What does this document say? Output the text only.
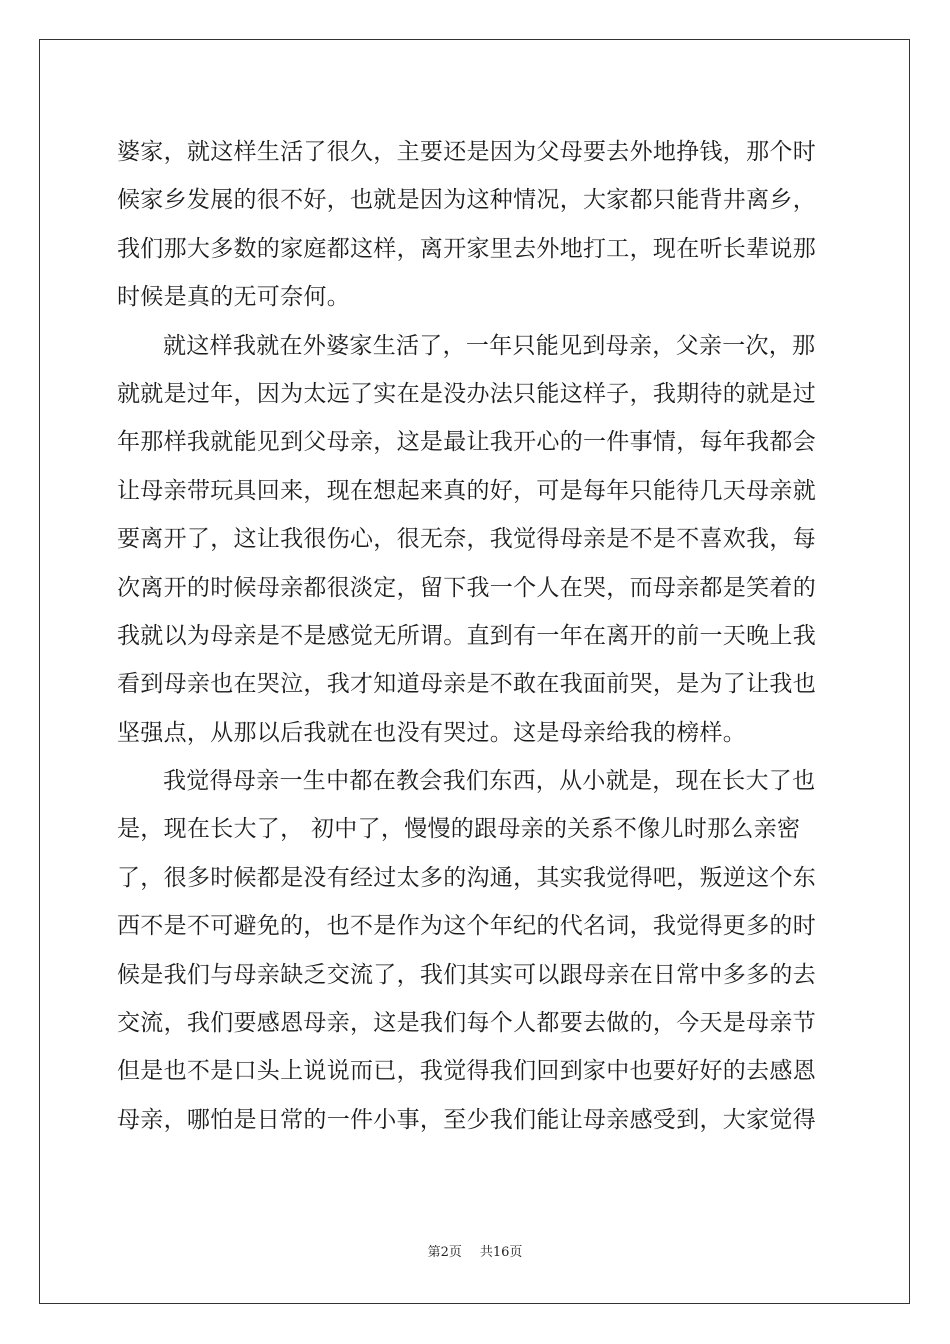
婆家，就这样生活了很久，主要还是因为父母要去外地挣钱，那个时
候家乡发展的很不好，也就是因为这种情况，大家都只能背井离乡，
我们那大多数的家庭都这样，离开家里去外地打工，现在听长辈说那
时候是真的无可奈何。
就这样我就在外婆家生活了，一年只能见到母亲，父亲一次，那
就就是过年，因为太远了实在是没办法只能这样子，我期待的就是过
年那样我就能见到父母亲，这是最让我开心的一件事情，每年我都会
让母亲带玩具回来，现在想起来真的好，可是每年只能待几天母亲就
要离开了，这让我很伤心，很无奈，我觉得母亲是不是不喜欢我，每
次离开的时候母亲都很淡定，留下我一个人在哭，而母亲都是笑着的
我就以为母亲是不是感觉无所谓。直到有一年在离开的前一天晚上我
看到母亲也在哭泣，我才知道母亲是不敢在我面前哭，是为了让我也
坚强点，从那以后我就在也没有哭过。这是母亲给我的榜样。
我觉得母亲一生中都在教会我们东西，从小就是，现在长大了也
是，现在长大了， 初中了，慢慢的跟母亲的关系不像儿时那么亲密
了，很多时候都是没有经过太多的沟通，其实我觉得吧，叛逆这个东
西不是不可避免的，也不是作为这个年纪的代名词，我觉得更多的时
候是我们与母亲缺乏交流了，我们其实可以跟母亲在日常中多多的去
交流，我们要感恩母亲，这是我们每个人都要去做的，今天是母亲节
但是也不是口头上说说而已，我觉得我们回到家中也要好好的去感恩
母亲，哪怕是日常的一件小事，至少我们能让母亲感受到，大家觉得
第2页 共16页
